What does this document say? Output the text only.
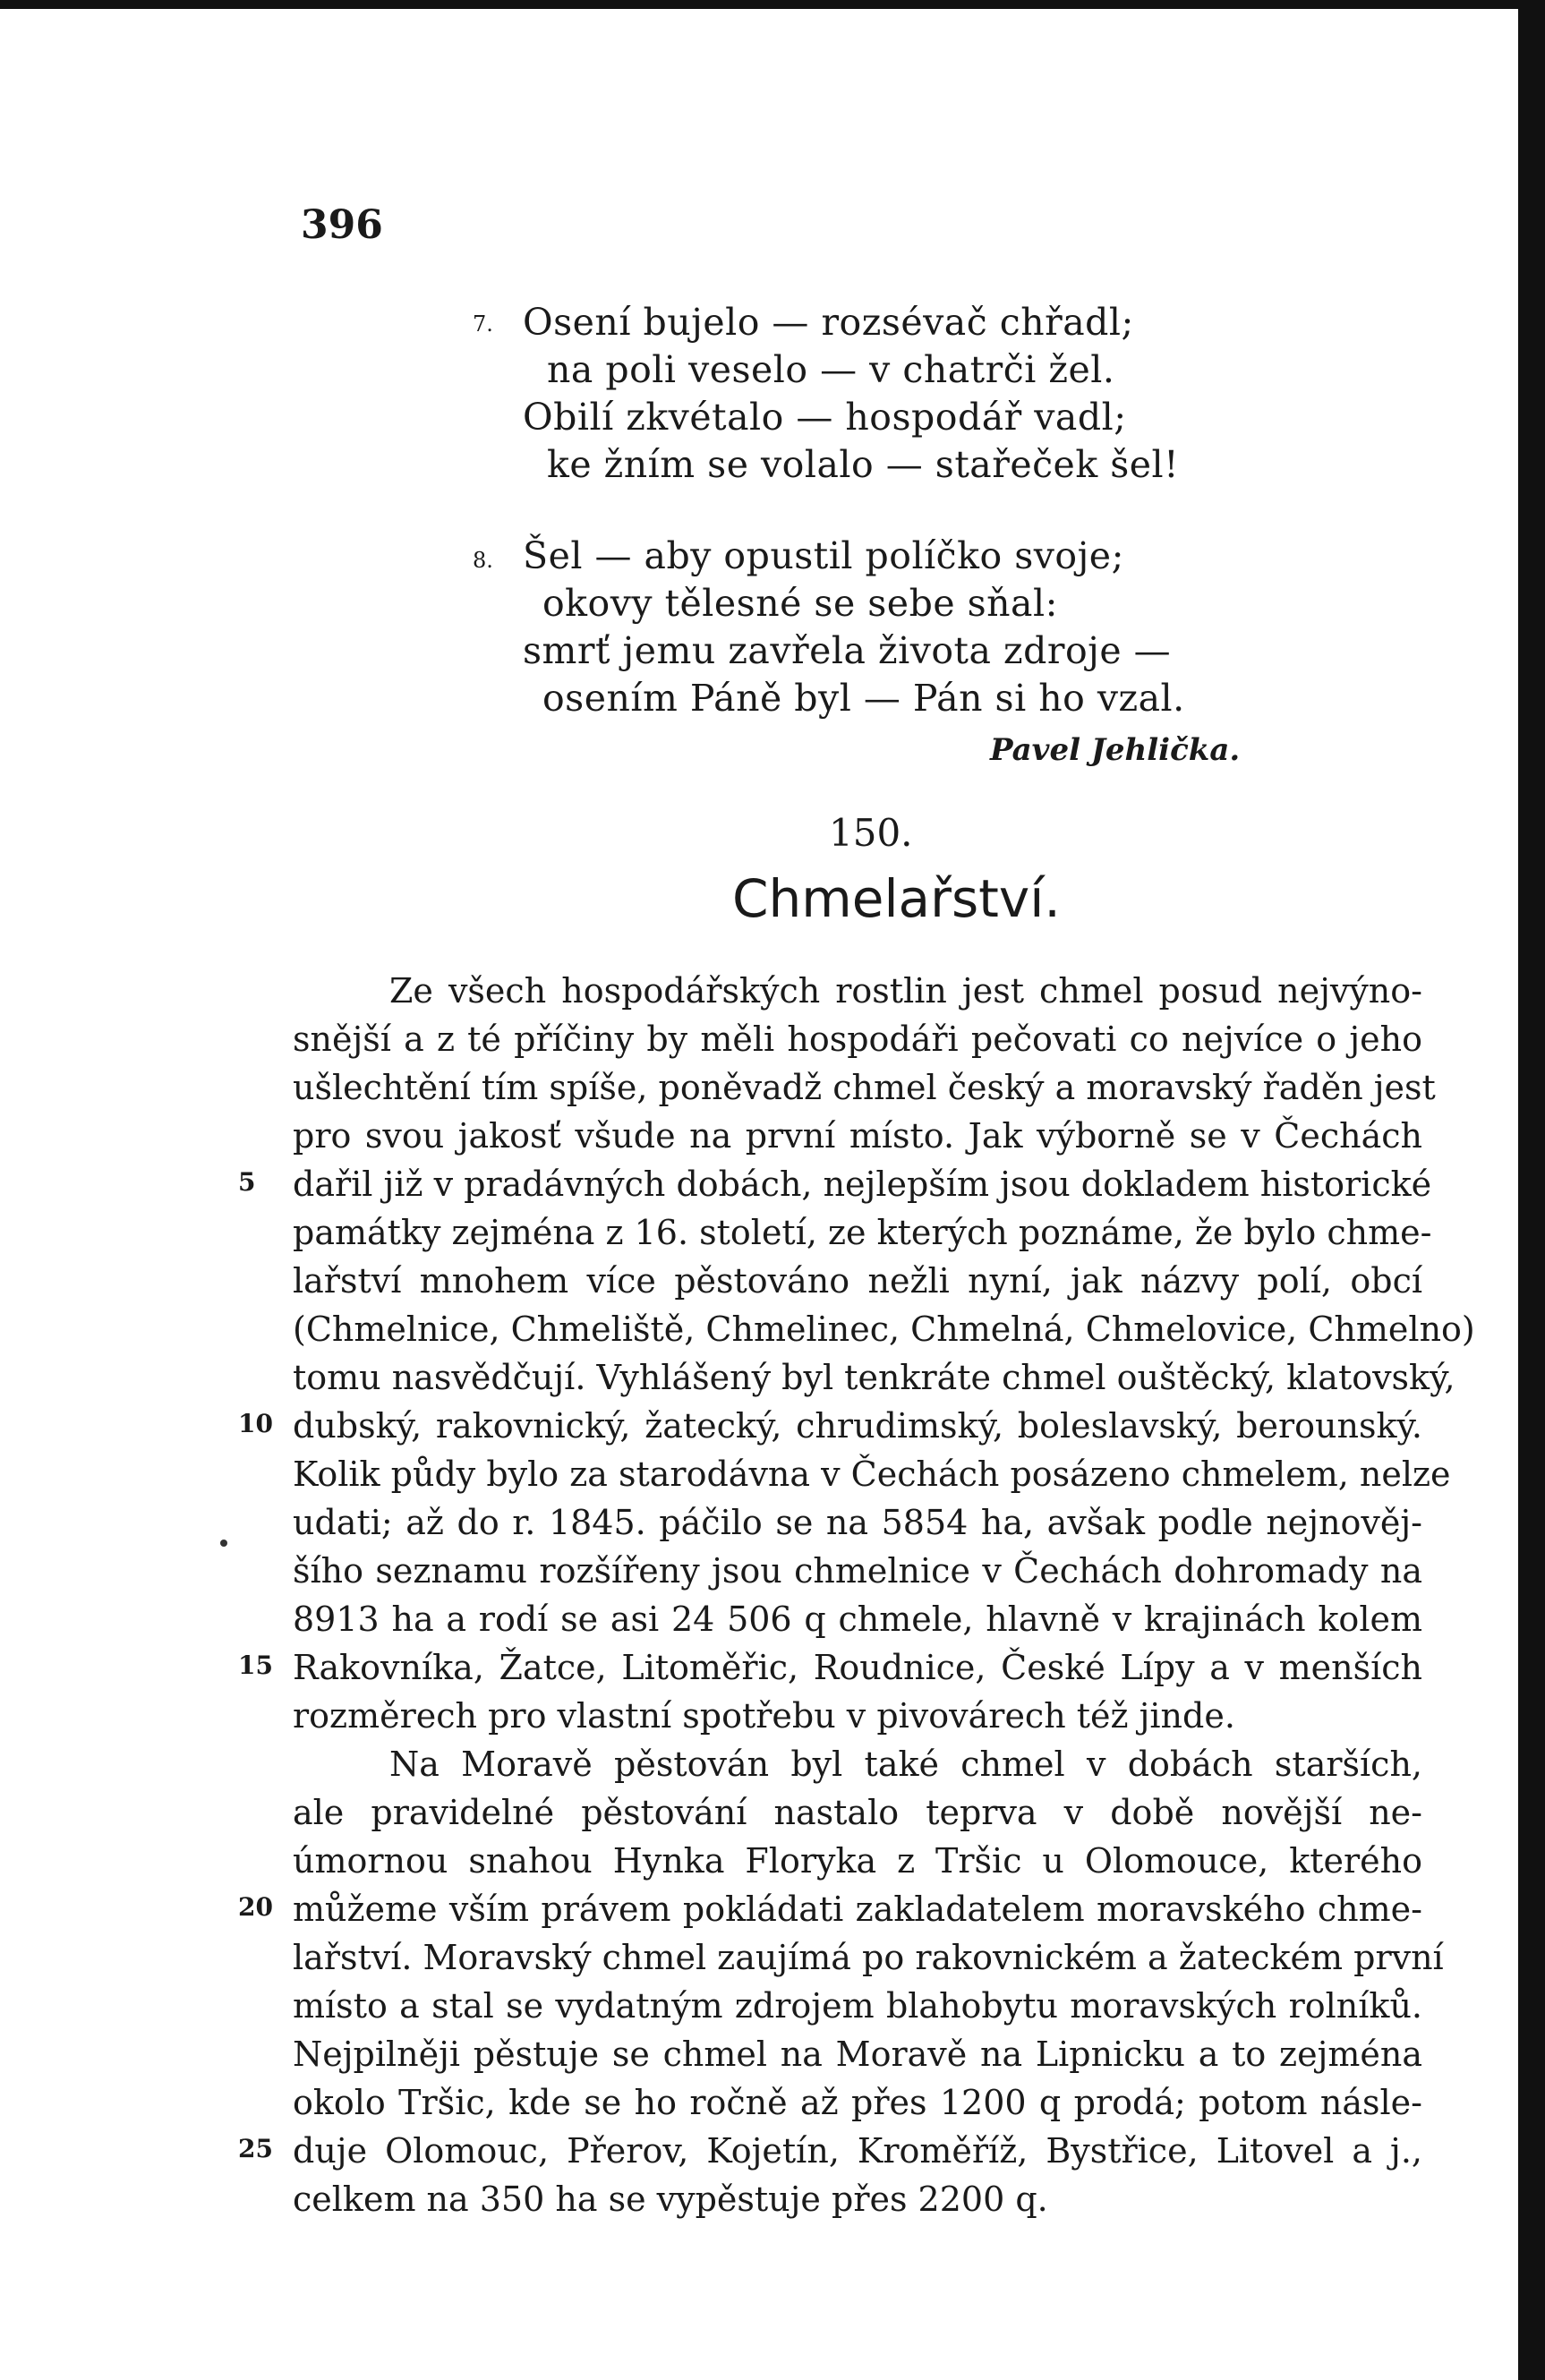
396
7. Osení bujelo — rozsévač chřadl;
na poli veselo — v chatrči žel.
Obilí zkvétalo — hospodář vadl;
ke žním se volalo — stařeček šel!
8. Šel — aby opustil políčko svoje;
okovy tělesné se sebe sňal:
smrť jemu zavřela života zdroje —
osením Páně byl — Pán si ho vzal.
Pavel Jehlička.
150.
Chmelařství.
Ze všech hospodářských rostlin jest chmel posud nejvýno-
snější a z té příčiny by měli hospodáři pečovati co nejvíce o jeho
ušlechtění tím spíše, poněvadž chmel český a moravský řaděn jest
pro svou jakosť všude na první místo. Jak výborně se v Čechách
5 dařil již v pradávných dobách, nejlepším jsou dokladem historické
památky zejména z 16. století, ze kterých poznáme, že bylo chme-
lařství mnohem více pěstováno nežli nyní, jak názvy polí, obcí
(Chmelnice, Chmeliště, Chmelinec, Chmelná, Chmelovice, Chmelno)
tomu nasvědčují. Vyhlášený byl tenkráte chmel ouštěcký, klatovský,
10 dubský, rakovnický, žatecký, chrudimský, boleslavský, berounský.
Kolik půdy bylo za starodávna v Čechách posázeno chmelem, nelze
udati; až do r. 1845. páčilo se na 5854 ha, avšak podle nejnověj-
šího seznamu rozšířeny jsou chmelnice v Čechách dohromady na
8913 ha a rodí se asi 24 506 q chmele, hlavně v krajinách kolem
15 Rakovníka, Žatce, Litoměřic, Roudnice, České Lípy a v menších
rozměrech pro vlastní spotřebu v pivovárech též jinde.
Na Moravě pěstován byl také chmel v dobách starších,
ale pravidelné pěstování nastalo teprva v době novější ne-
úmornou snahou Hynka Floryka z Tršic u Olomouce, kterého
20 můžeme vším právem pokládati zakladatelem moravského chme-
lařství. Moravský chmel zaujímá po rakovnickém a žateckém první
místo a stal se vydatným zdrojem blahobytu moravských rolníků.
Nejpilněji pěstuje se chmel na Moravě na Lipnicku a to zejména
okolo Tršic, kde se ho ročně až přes 1200 q prodá; potom násle-
25 duje Olomouc, Přerov, Kojetín, Kroměříž, Bystřice, Litovel a j.,
celkem na 350 ha se vypěstuje přes 2200 q.
